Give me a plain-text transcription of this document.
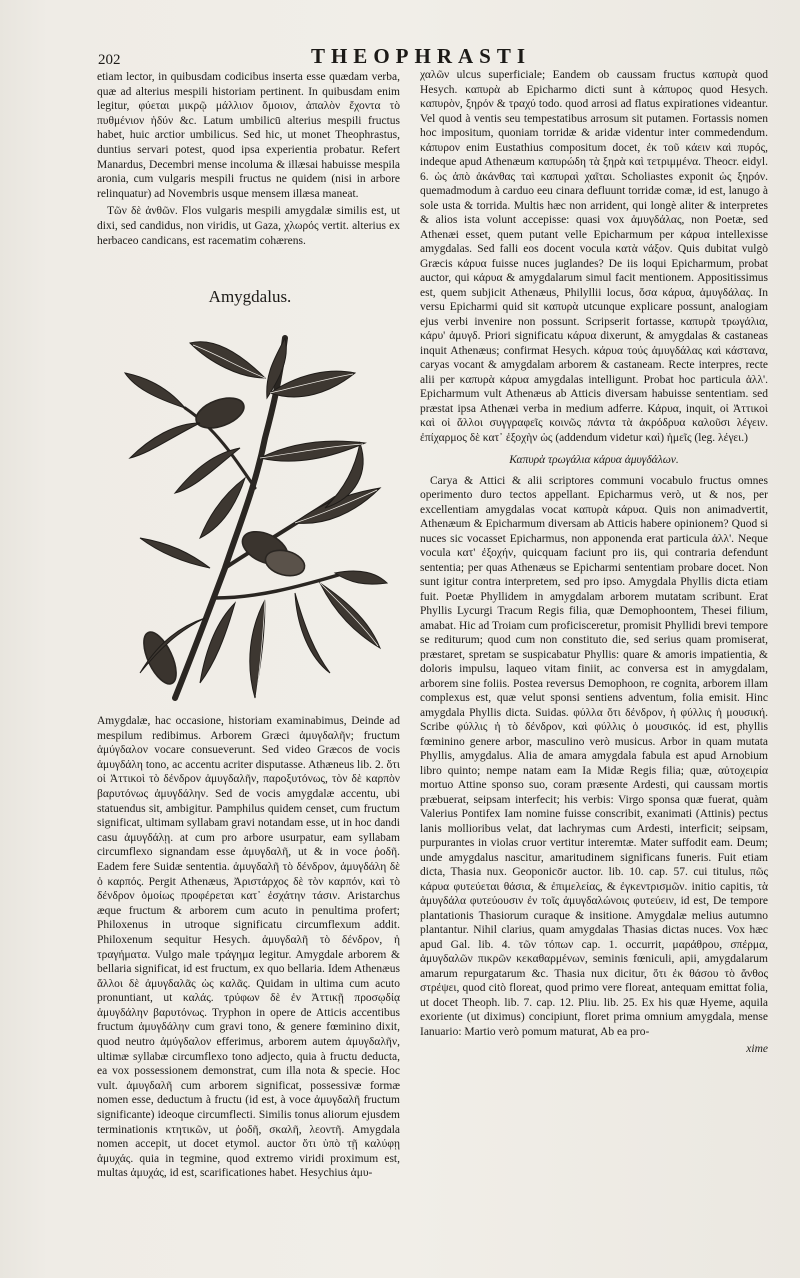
202	THEOPHRASTI

etiam lector, in quibusdam codicibus inserta esse quædam verba, quæ ad alterius mespili historiam pertinent. In quibusdam enim legitur, φύεται μικρῷ μάλλιον ὅμοιον, ἀπαλὸν ἔχοντα τὸ πυθμένιον ἡδύν &c. Latum umbilicū alterius mespili fructus habet, huic arctior umbilicus. Sed hic, ut monet Theophrastus, duntius servari potest, quod ipsa experientia probatur. Refert Manardus, Decembri mense incoluma & illæsai habuisse mespila aronia, cum vulgaris mespili fructus ne quidem (nisi in arbore relinquatur) ad Novembris usque mensem illæsa maneat.

Τῶν δὲ ἀνθῶν. Flos vulgaris mespili amygdalæ similis est, ut dixi, sed candidus, non viridis, ut Gaza, χλωρός vertit. alterius ex herbaceo candicans, est racematim cohærens.

Amygdalus.

Amygdalæ, hac occasione, historiam examinabimus, Deinde ad mespilum redibimus. Arborem Græci ἀμυγδαλῆν; fructum ἀμύγδαλον vocare consueverunt. Sed video Græcos de vocis ἀμυγδάλη tono, ac accentu acriter disputasse. Athæneus lib. 2. ὅτι οἱ Ἀττικοὶ τὸ δένδρον ἀμυγδαλῆν, παροξυτόνως, τὸν δὲ καρπὸν βαρυτόνως ἀμυγδάλην. Sed de vocis amygdalæ accentu, ubi statuendus sit, ambigitur. Pamphilus quidem censet, cum fructum significat, ultimam syllabam gravi notandam esse, ut in hoc dandi casu ἀμυγδάλῃ. at cum pro arbore usurpatur, eam syllabam circumflexo signandam esse ἀμυγδαλῆ, ut & in voce ῥοδῆ. Eadem fere Suidæ sententia. ἀμυγδαλῆ τὸ δένδρον, ἀμυγδάλη δὲ ὁ καρπός. Pergit Athenæus, Ἀριστάρχος δὲ τὸν καρπόν, καὶ τὸ δένδρον ὁμοίως προφέρεται κατ᾽ ἐσχάτην τάσιν. Aristarchus æque fructum & arborem cum acuto in penultima profert; Philoxenus in utroque significatu circumflexum addit. Philoxenum sequitur Hesych. ἀμυγδαλῆ τὸ δένδρον, ἡ τραγήματα. Vulgo male τράγημα legitur. Amygdale arborem & bellaria significat, id est fructum, ex quo bellaria. Idem Athenæus ἄλλοι δὲ ἀμυγδαλᾶς ὡς καλᾶς. Quidam in ultima cum acuto pronuntiant, ut καλάς. τρύφων δὲ ἐν Ἀττικῇ προσῳδίᾳ ἀμυγδάλην βαρυτόνως. Tryphon in opere de Atticis accentibus fructum ἀμυγδάλην cum gravi tono, & genere fœminino dixit, quod neutro ἀμύγδαλον efferimus, arborem autem ἀμυγδαλῆν, ultimæ syllabæ circumflexo tono adjecto, quia à fructu deducta, ea vox possessionem demonstrat, cum illa nota & specie. Hoc vult. ἀμυγδαλῆ cum arborem significat, possessivæ formæ nomen esse, deductum à fructu (id est, à voce ἀμυγδαλῆ fructum significante) ideoque circumflecti. Similis tonus aliorum ejusdem terminationis κτητικῶν, ut ῥοδῆ, σκαλῆ, λεοντῆ. Amygdala nomen accepit, ut docet etymol. auctor ὅτι ὑπὸ τῇ καλύφῃ ἀμυχάς. quia in tegmine, quod extremo viridi proximum est, multas ἀμυχάς, id est, scarificationes habet. Hesychius ἀμυ-

χαλῶν ulcus superficiale; Eandem ob caussam fructus καπυρὰ quod Hesych. καπυρὰ ab Epicharmo dicti sunt à κάπυρος quod Hesych. καπυρὸν, ξηρόν & τραχύ todo. quod arrosi ad flatus expirationes videantur. Vel quod à ventis seu tempestatibus arrosum sit putamen. Fortassis nomen hoc impositum, quoniam torridæ & aridæ videntur inter commedendum. κάπυρον enim Eustathius compositum docet, ἐκ τοῦ κάειν καὶ πυρός, indeque apud Athenæum καπυρώδη τὰ ξηρὰ καὶ τετριμμένα. Theocr. eidyl. 6. ὡς ἀπὸ ἀκάνθας ταὶ καπυραὶ χαῖται. Scholiastes exponit ὡς ξηρόν. quemadmodum à carduo eeu cinara defluunt torridæ comæ, id est, lanugo à sole usta & torrida. Multis hæc non arrident, qui longè aliter & interpretes & alios ista volunt accepisse: quasi vox ἀμυγδάλας, non Poetæ, sed Athenæi esset, quem putant velle Epicharmum per κάρυα intellexisse amygdalas. Sed falli eos docent vocula κατὰ νάξον. Quis dubitat vulgò Græcis κάρυα fuisse nuces juglandes? De iis loqui Epicharmum, probat auctor, qui κάρυα & amygdalarum simul facit mentionem. Appositissimus est, quem subjicit Athenæus, Philyllii locus, ὅσα κάρυα, ἀμυγδάλας. In versu Epicharmi quid sit καπυρὰ utcunque explicare possunt, analogiam ejus verbi invenire non possunt. Scripserit fortasse, καπυρὰ τρωγάλια, κάρυ' ἀμυγδ. Priori significatu κάρυα dixerunt, & amygdalas & castaneas inquit Athenæus; confirmat Hesych. κάρυα τούς ἀμυγδάλας καὶ κάστανα, caryas vocant & amygdalam arborem & castaneam. Recte interpres, recte alii per καπυρὰ κάρυα amygdalas intelligunt. Probat hoc particula ἀλλ'. Epicharmum vult Athenæus ab Atticis diversam habuisse sententiam. sed præstat ipsa Athenæi verba in medium adferre. Κάρυα, inquit, οἱ Ἀττικοὶ καὶ οἱ ἄλλοι συγγραφεῖς κοινῶς πάντα τὰ ἀκρόδρυα καλοῦσι λέγειν. ἐπίχαρμος δὲ κατ᾽ ἐξοχὴν ὡς (addendum videtur καὶ) ἡμεῖς (leg. λέγει.)

Καπυρὰ τρωγάλια κάρυα ἀμυγδάλων.

Carya & Attici & alii scriptores communi vocabulo fructus omnes operimento duro tectos appellant. Epicharmus verò, ut & nos, per excellentiam amygdalas vocat καπυρὰ κάρυα. Quis non animadvertit, Athenæum & Epicharmum diversam ab Atticis habere opinionem? Quod si nuces sic vocasset Epicharmus, non apponenda erat particula ἀλλ'. Neque vocula κατ' ἐξοχήν, quicquam faciunt pro iis, qui contraria defendunt sententia; per quas Athenæus se Epicharmi sententiam probare docet. Non sunt igitur contra interpretem, sed pro ipso. Amygdala Phyllis dicta etiam fuit. Poetæ Phyllidem in amygdalam arborem mutatam scribunt. Erat Phyllis Lycurgi Tracum Regis filia, quæ Demophoontem, Thesei filium, amabat. Hic ad Troiam cum proficisceretur, promisit Phyllidi brevi tempore se rediturum; quod cum non constituto die, sed serius quam promiserat, præstaret, spretam se suspicabatur Phyllis: quare & amoris impatientia, & doloris impulsu, laqueo vitam finiit, ac conversa est in amygdalam, arborem sine foliis. Postea reversus Demophoon, re cognita, arborem illam complexus est, quæ velut sponsi sentiens adventum, folia emisit. Hinc amygdala Phyllis dicta. Suidas. φύλλα ὅτι δένδρον, ἡ φύλλις ἡ μουσική. Scribe φύλλις ἡ τὸ δένδρον, καὶ φύλλις ὁ μουσικός. id est, phyllis fœminino genere arbor, masculino verò musicus. Arbor in quam mutata Phyllis, amygdalus. Alia de amara amygdala fabula est apud Arnobium libro quinto; nempe natam eam Ia Midæ Regis filia; quæ, αὐτοχειρία mortuo Attine sponso suo, coram præsente Ardesti, qui caussam mortis præbuerat, seipsam interfecit; his verbis: Virgo sponsa quæ fuerat, quàm Valerius Pontifex Iam nomine fuisse conscribit, exanimati (Attinis) pectus lanis mollioribus velat, dat lachrymas cum Ardesti, interficit; seipsam, purpurantes in violas cruor vertitur interemtæ. Mater suffodit eam. Deum; unde amygdalus nascitur, amaritudinem significans funeris. Fuit etiam dicta, Thasia nux. Geoponicōr auctor. lib. 10. cap. 57. cui titulus, πῶς κάρυα φυτεύεται θάσια, & ἐπιμελείας, & ἐγκεντρισμῶν. initio capitis, τὰ ἀμυγδάλα φυτεύουσιν ἐν τοῖς ἀμυγδαλώνοις φυτεύειν, id est, De tempore plantationis Thasiorum curaque & insitione. Amygdalæ melius autumno plantantur. Nihil clarius, quam amygdalas Thasias dictas nuces. Vox hæc apud Gal. lib. 4. τῶν τόπων cap. 1. occurrit, μαράθρου, σπέρμα, ἀμυγδαλῶν πικρῶν κεκαθαρμένων, seminis fœniculi, apii, amygdalarum amarum repurgatarum &c. Thasia nux dicitur, ὅτι ἐκ θάσου τὸ ἄνθος στρέψει, quod citò floreat, quod primo vere floreat, antequam emittat folia, ut docet Theoph. lib. 7. cap. 12. Pliu. lib. 25. Ex his quæ Hyeme, aquila exoriente (ut diximus) concipiunt, floret prima omnium amygdala, mense Ianuario: Martio verò pomum maturat, Ab ea pro-

xime
